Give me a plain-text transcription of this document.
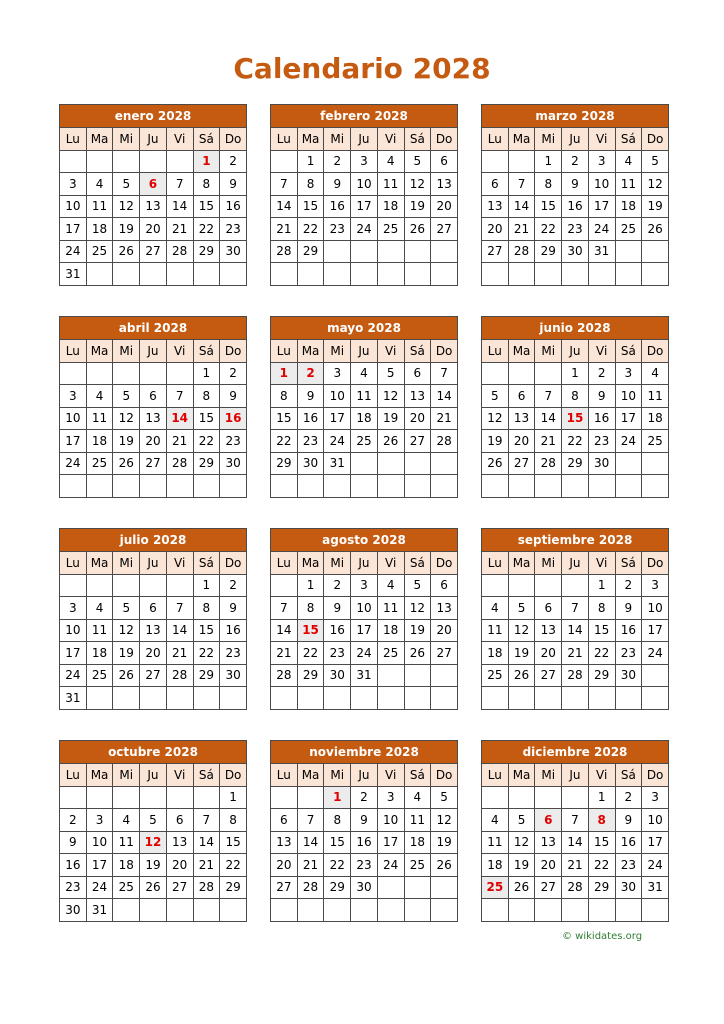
Calendario 2028
enero 2028
Lu	Ma	Mi	Ju	Vi	Sá	Do
					1	2
3	4	5	6	7	8	9
10	11	12	13	14	15	16
17	18	19	20	21	22	23
24	25	26	27	28	29	30
31						
febrero 2028
Lu	Ma	Mi	Ju	Vi	Sá	Do
	1	2	3	4	5	6
7	8	9	10	11	12	13
14	15	16	17	18	19	20
21	22	23	24	25	26	27
28	29					

marzo 2028
Lu	Ma	Mi	Ju	Vi	Sá	Do
		1	2	3	4	5
6	7	8	9	10	11	12
13	14	15	16	17	18	19
20	21	22	23	24	25	26
27	28	29	30	31		

abril 2028
Lu	Ma	Mi	Ju	Vi	Sá	Do
					1	2
3	4	5	6	7	8	9
10	11	12	13	14	15	16
17	18	19	20	21	22	23
24	25	26	27	28	29	30

mayo 2028
Lu	Ma	Mi	Ju	Vi	Sá	Do
1	2	3	4	5	6	7
8	9	10	11	12	13	14
15	16	17	18	19	20	21
22	23	24	25	26	27	28
29	30	31				

junio 2028
Lu	Ma	Mi	Ju	Vi	Sá	Do
			1	2	3	4
5	6	7	8	9	10	11
12	13	14	15	16	17	18
19	20	21	22	23	24	25
26	27	28	29	30		

julio 2028
Lu	Ma	Mi	Ju	Vi	Sá	Do
					1	2
3	4	5	6	7	8	9
10	11	12	13	14	15	16
17	18	19	20	21	22	23
24	25	26	27	28	29	30
31						
agosto 2028
Lu	Ma	Mi	Ju	Vi	Sá	Do
	1	2	3	4	5	6
7	8	9	10	11	12	13
14	15	16	17	18	19	20
21	22	23	24	25	26	27
28	29	30	31			

septiembre 2028
Lu	Ma	Mi	Ju	Vi	Sá	Do
				1	2	3
4	5	6	7	8	9	10
11	12	13	14	15	16	17
18	19	20	21	22	23	24
25	26	27	28	29	30	

octubre 2028
Lu	Ma	Mi	Ju	Vi	Sá	Do
						1
2	3	4	5	6	7	8
9	10	11	12	13	14	15
16	17	18	19	20	21	22
23	24	25	26	27	28	29
30	31					
noviembre 2028
Lu	Ma	Mi	Ju	Vi	Sá	Do
		1	2	3	4	5
6	7	8	9	10	11	12
13	14	15	16	17	18	19
20	21	22	23	24	25	26
27	28	29	30			

diciembre 2028
Lu	Ma	Mi	Ju	Vi	Sá	Do
				1	2	3
4	5	6	7	8	9	10
11	12	13	14	15	16	17
18	19	20	21	22	23	24
25	26	27	28	29	30	31

© wikidates.org
